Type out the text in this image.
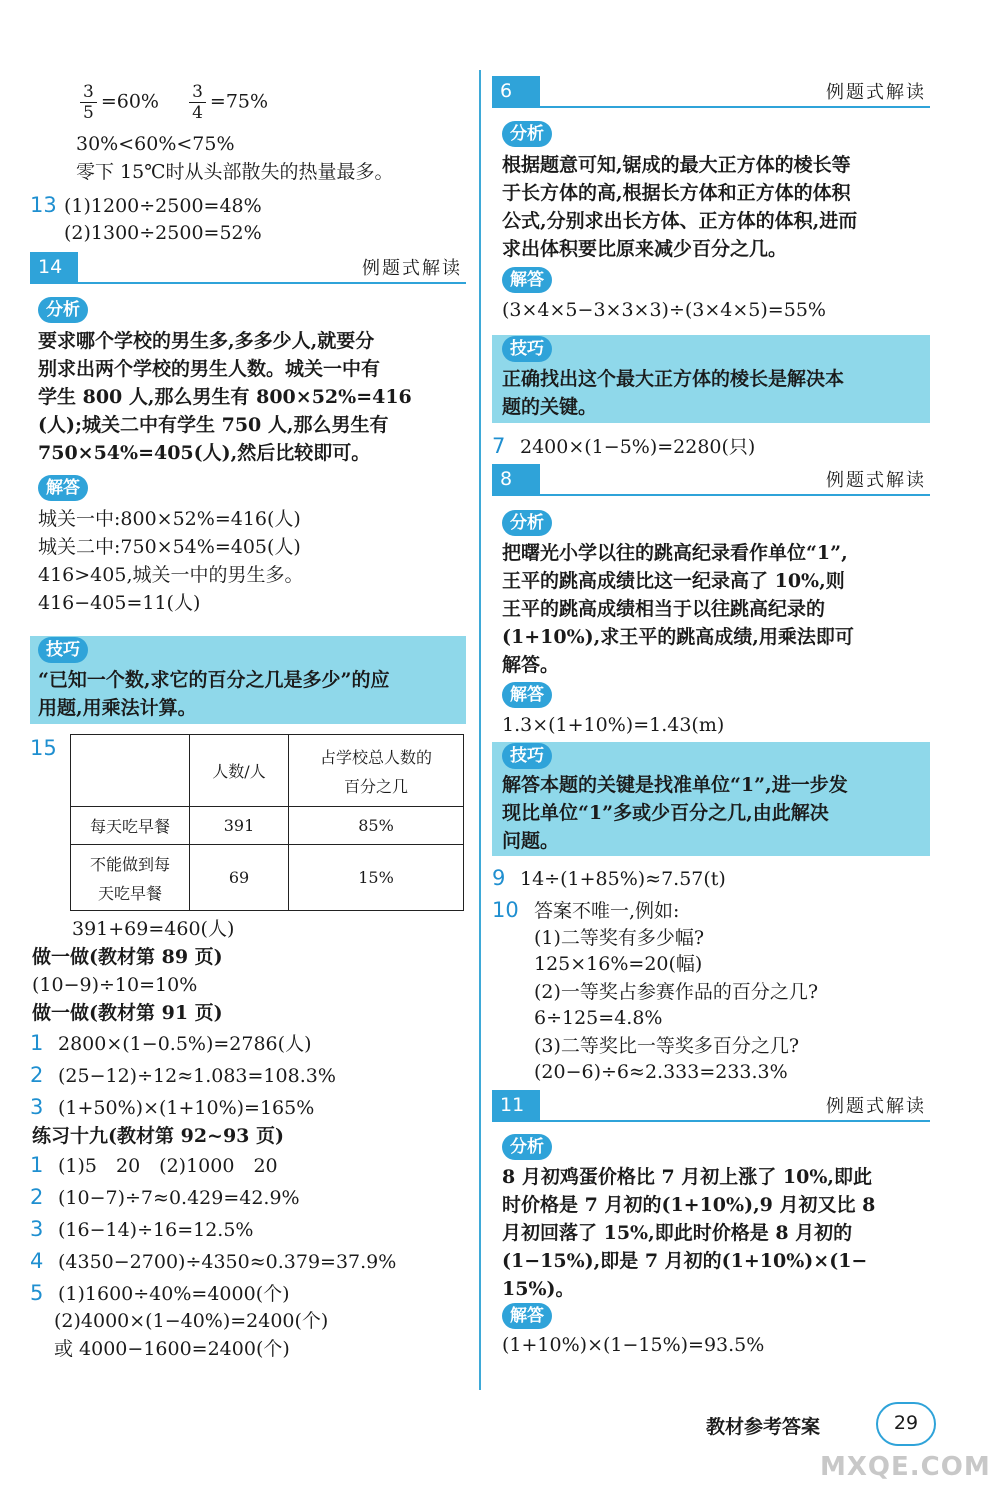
$\frac{3}{5} =60\% \frac{3}{4} =75\%$
30%<60%<75%
零下 15℃时从头部散失的热量最多。
13 (1)1200÷2500=48%
(2)1300÷2500=52%
14	例题式解读
分析
要求哪个学校的男生多,多多少人,就要分
别求出两个学校的男生人数。城关一中有
学生 800 人,那么男生有 800×52%=416
(人);城关二中有学生 750 人,那么男生有
750×54%=405(人),然后比较即可。
解答
城关一中:800×52%=416(人)
城关二中:750×54%=405(人)
416>405,城关一中的男生多。
416−405=11(人)
技巧
“已知一个数,求它的百分之几是多少”的应
用题,用乘法计算。
15
	人数/人	占学校总人数的
百分之几

每天吃早餐	391	85%

不能做到每
天吃早餐	69	15%
391+69=460(人)
做一做(教材第 89 页)
(10−9)÷10=10%
做一做(教材第 91 页)
1 2800×(1−0.5%)=2786(人)
2 (25−12)÷12≈1.083=108.3%
3 (1+50%)×(1+10%)=165%
练习十九(教材第 92~93 页)
1 (1)5　20　(2)1000　20
2 (10−7)÷7≈0.429=42.9%
3 (16−14)÷16=12.5%
4 (4350−2700)÷4350≈0.379=37.9%
5 (1)1600÷40%=4000(个)
(2)4000×(1−40%)=2400(个)
或 4000−1600=2400(个)
6	例题式解读
分析
根据题意可知,锯成的最大正方体的棱长等
于长方体的高,根据长方体和正方体的体积
公式,分别求出长方体、正方体的体积,进而
求出体积要比原来减少百分之几。
解答
(3×4×5−3×3×3)÷(3×4×5)=55%
技巧
正确找出这个最大正方体的棱长是解决本
题的关键。
7 2400×(1−5%)=2280(只)
8	例题式解读
分析
把曙光小学以往的跳高纪录看作单位“1”,
王平的跳高成绩比这一纪录高了 10%,则
王平的跳高成绩相当于以往跳高纪录的
(1+10%),求王平的跳高成绩,用乘法即可
解答。
解答
1.3×(1+10%)=1.43(m)
技巧
解答本题的关键是找准单位“1”,进一步发
现比单位“1”多或少百分之几,由此解决
问题。
9 14÷(1+85%)≈7.57(t)
10 答案不唯一,例如:
(1)二等奖有多少幅?
125×16%=20(幅)
(2)一等奖占参赛作品的百分之几?
6÷125=4.8%
(3)二等奖比一等奖多百分之几?
(20−6)÷6≈2.333=233.3%
11	例题式解读
分析
8 月初鸡蛋价格比 7 月初上涨了 10%,即此
时价格是 7 月初的(1+10%),9 月初又比 8
月初回落了 15%,即此时价格是 8 月初的
(1−15%),即是 7 月初的(1+10%)×(1−
15%)。
解答
(1+10%)×(1−15%)=93.5%
教材参考答案	29
MXQE.COM
